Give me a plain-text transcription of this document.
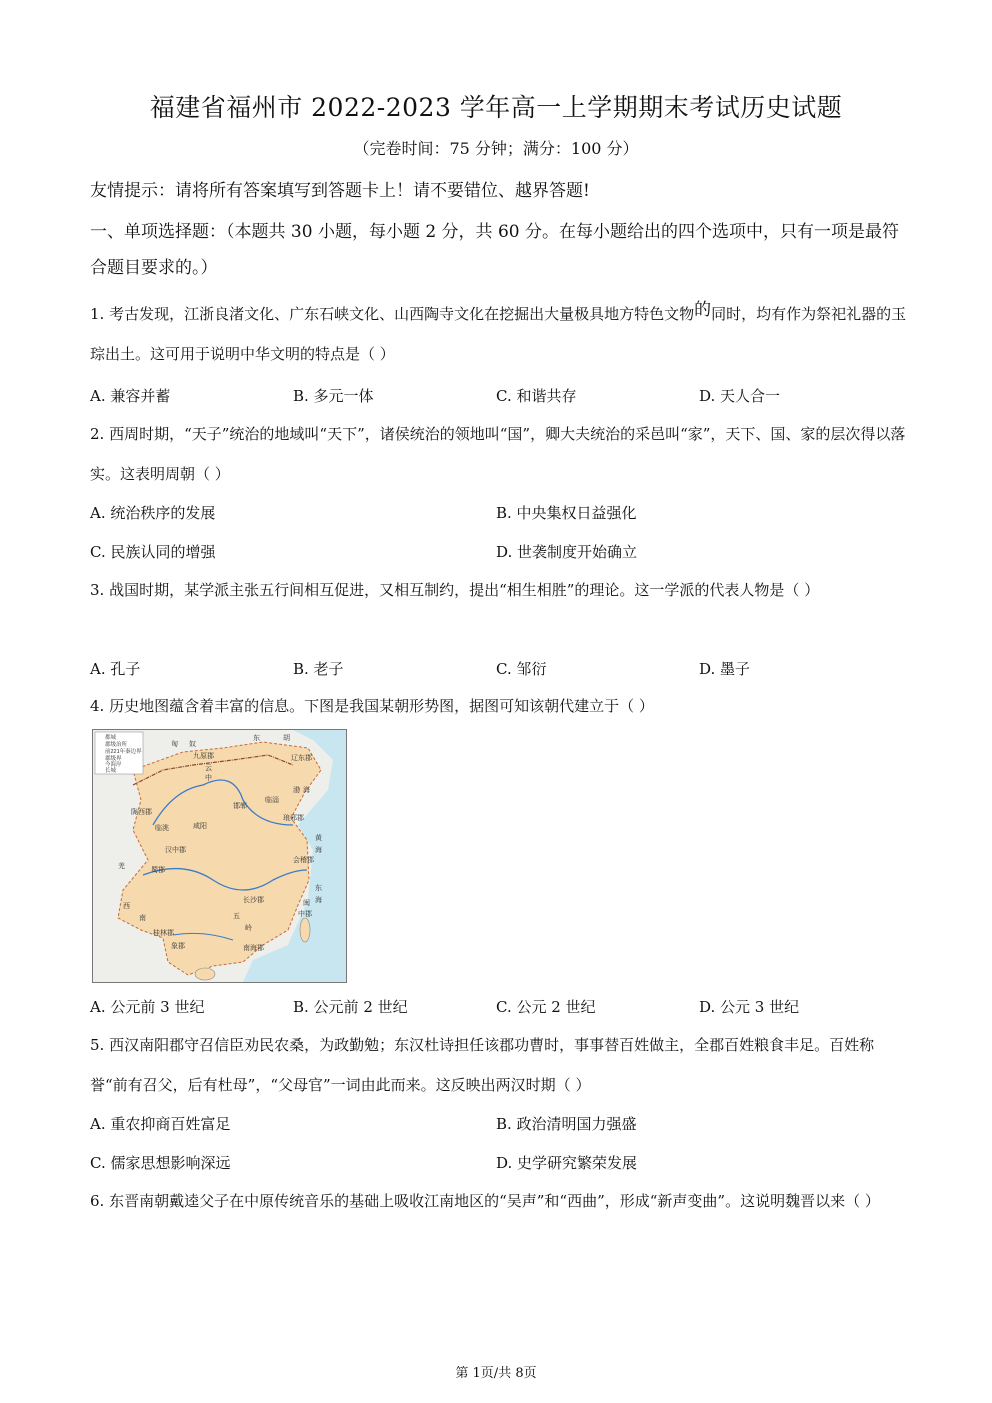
福建省福州市 2022-2023 学年高一上学期期末考试历史试题
（完卷时间：75 分钟；满分：100 分）
友情提示：请将所有答案填写到答题卡上！请不要错位、越界答题!
一、单项选择题：（本题共 30 小题，每小题 2 分，共 60 分。在每小题给出的四个选项中，只有一项是最符合题目要求的。）
1. 考古发现，江浙良渚文化、广东石峡文化、山西陶寺文化在挖掘出大量极具地方特色文物的同时，均有作为祭祀礼器的玉琮出土。这可用于说明中华文明的特点是（ ）
A. 兼容并蓄	B. 多元一体	C. 和谐共存	D. 天人合一
2. 西周时期，“天子”统治的地域叫“天下”，诸侯统治的领地叫“国”，卿大夫统治的采邑叫“家”，天下、国、家的层次得以落实。这表明周朝（ ）
A. 统治秩序的发展	B. 中央集权日益强化
C. 民族认同的增强	D. 世袭制度开始确立
3. 战国时期，某学派主张五行间相互促进，又相互制约，提出“相生相胜”的理论。这一学派的代表人物是（ ）
A. 孔子	B. 老子	C. 邹衍	D. 墨子
4. 历史地图蕴含着丰富的信息。下图是我国某朝形势图，据图可知该朝代建立于（ ）
都城
郡级治所
前221年秦边界
郡级界
今海岸
长城
匈 奴
东	胡
九原郡
云
中
辽东郡
陇西郡
临淄
邯郸
琅邪郡
咸阳
临洮
汉中郡
会稽郡
羌	蜀郡
闽
中郡
长沙郡
西
南
桂林郡
五
岭
南海郡
象郡
东
海
黄
海
渤 海
A. 公元前 3 世纪	B. 公元前 2 世纪	C. 公元 2 世纪	D. 公元 3 世纪
5. 西汉南阳郡守召信臣劝民农桑，为政勤勉；东汉杜诗担任该郡功曹时，事事替百姓做主，全郡百姓粮食丰足。百姓称誉“前有召父，后有杜母”，“父母官”一词由此而来。这反映出两汉时期（ ）
A. 重农抑商百姓富足	B. 政治清明国力强盛
C. 儒家思想影响深远	D. 史学研究繁荣发展
6. 东晋南朝戴逵父子在中原传统音乐的基础上吸收江南地区的“吴声”和“西曲”，形成“新声变曲”。这说明魏晋以来（ ）
第 1页/共 8页
